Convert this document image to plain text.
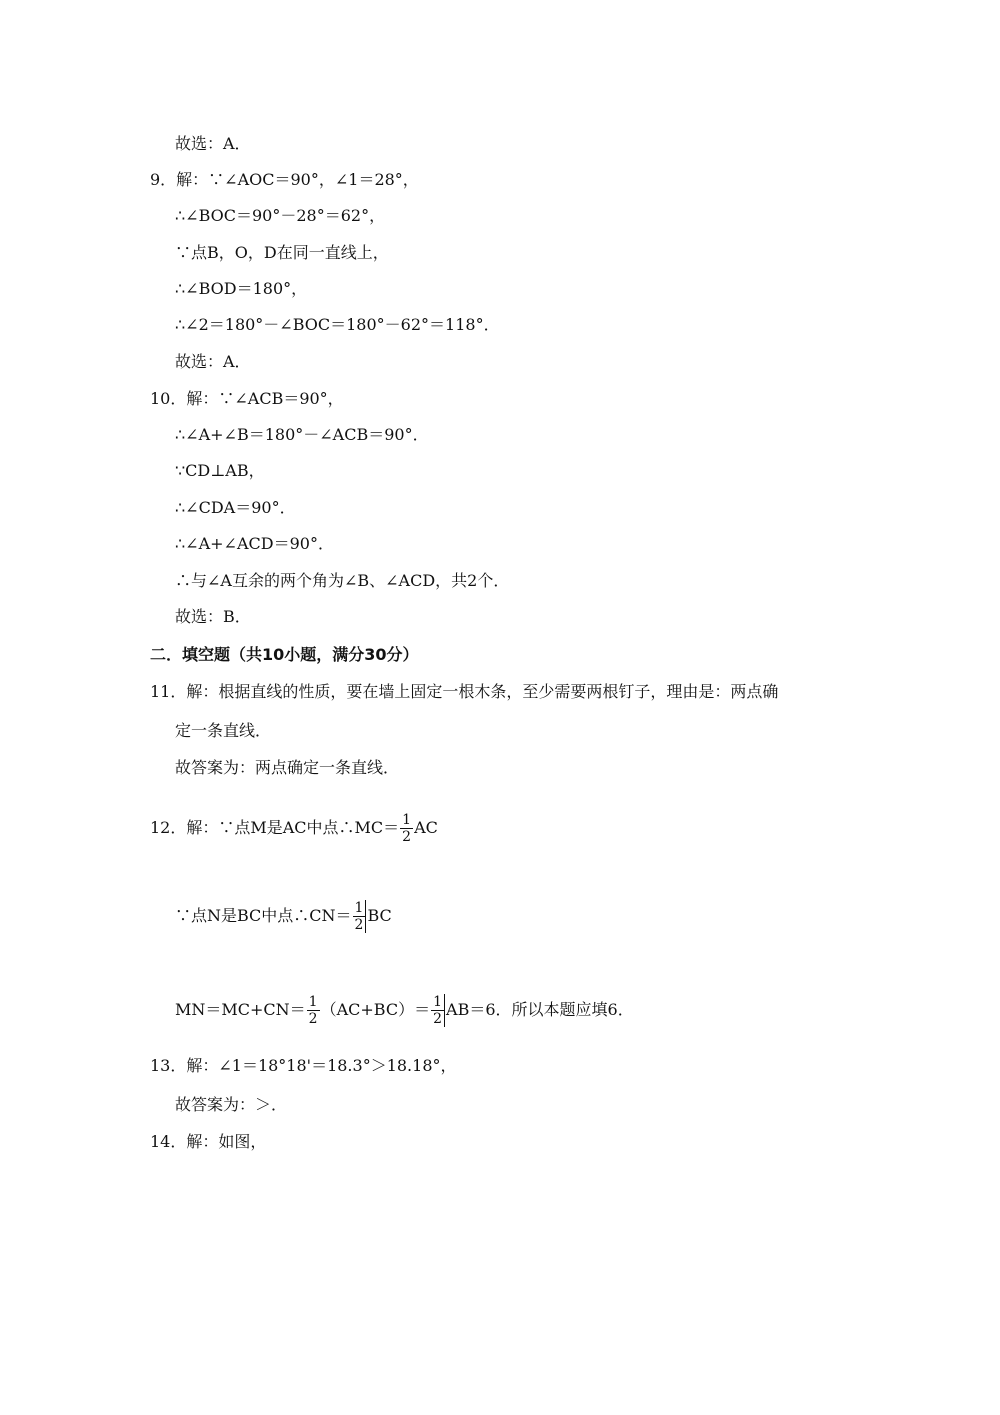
故选：A．
9．解：∵∠AOC＝90°，∠1＝28°，
∴∠BOC＝90°－28°＝62°，
∵点B，O，D在同一直线上，
∴∠BOD＝180°，
∴∠2＝180°－∠BOC＝180°－62°＝118°．
故选：A．
10．解：∵∠ACB＝90°，
∴∠A+∠B＝180°－∠ACB＝90°．
∵CD⊥AB，
∴∠CDA＝90°．
∴∠A+∠ACD＝90°．
∴与∠A互余的两个角为∠B、∠ACD，共2个．
故选：B．
二．填空题（共10小题，满分30分）
11．解：根据直线的性质，要在墙上固定一根木条，至少需要两根钉子，理由是：两点确
定一条直线．
故答案为：两点确定一条直线．
12．解：∵点M是AC中点∴MC＝ $\frac{1}{2}$ AC
∵点N是BC中点∴CN＝ $\frac{1}{2}$ BC
$MN=MC+CN= \frac{1}{2} (AC+BC)= \frac{1}{2} AB=6$．所以本题应填6．
13．解：∠1＝18°18'＝18.3°＞18.18°，
故答案为：＞．
14．解：如图，
